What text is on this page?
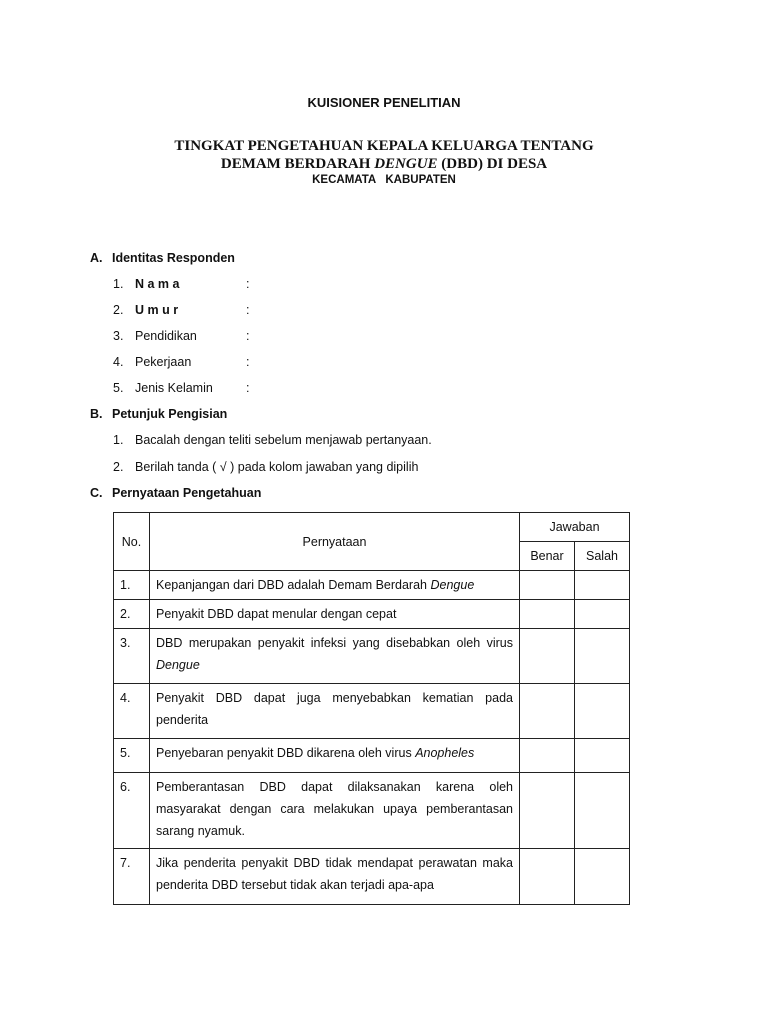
KUISIONER PENELITIAN
TINGKAT PENGETAHUAN KEPALA KELUARGA TENTANG
DEMAM BERDARAH DENGUE (DBD) DI DESA
KECAMATA   KABUPATEN
A. Identitas Responden
1. N a m a	:
2. U m u r	:
3. Pendidikan	:
4. Pekerjaan	:
5. Jenis Kelamin	:
B. Petunjuk Pengisian
1. Bacalah dengan teliti sebelum menjawab pertanyaan.
2. Berilah tanda ( √ ) pada kolom jawaban yang dipilih
C. Pernyataan Pengetahuan
No.	Pernyataan	Jawaban	
		Benar	Salah
1.	Kepanjangan dari DBD adalah Demam Berdarah Dengue		
2.	Penyakit DBD dapat menular dengan cepat		
3.	DBD merupakan penyakit infeksi yang disebabkan oleh virus Dengue		
4.	Penyakit DBD dapat juga menyebabkan kematian pada penderita		
5.	Penyebaran penyakit DBD dikarena oleh virus Anopheles		
6.	Pemberantasan DBD dapat dilaksanakan karena oleh masyarakat dengan cara melakukan upaya pemberantasan sarang nyamuk.		
7.	Jika penderita penyakit DBD tidak mendapat perawatan maka penderita DBD tersebut tidak akan terjadi apa-apa		
